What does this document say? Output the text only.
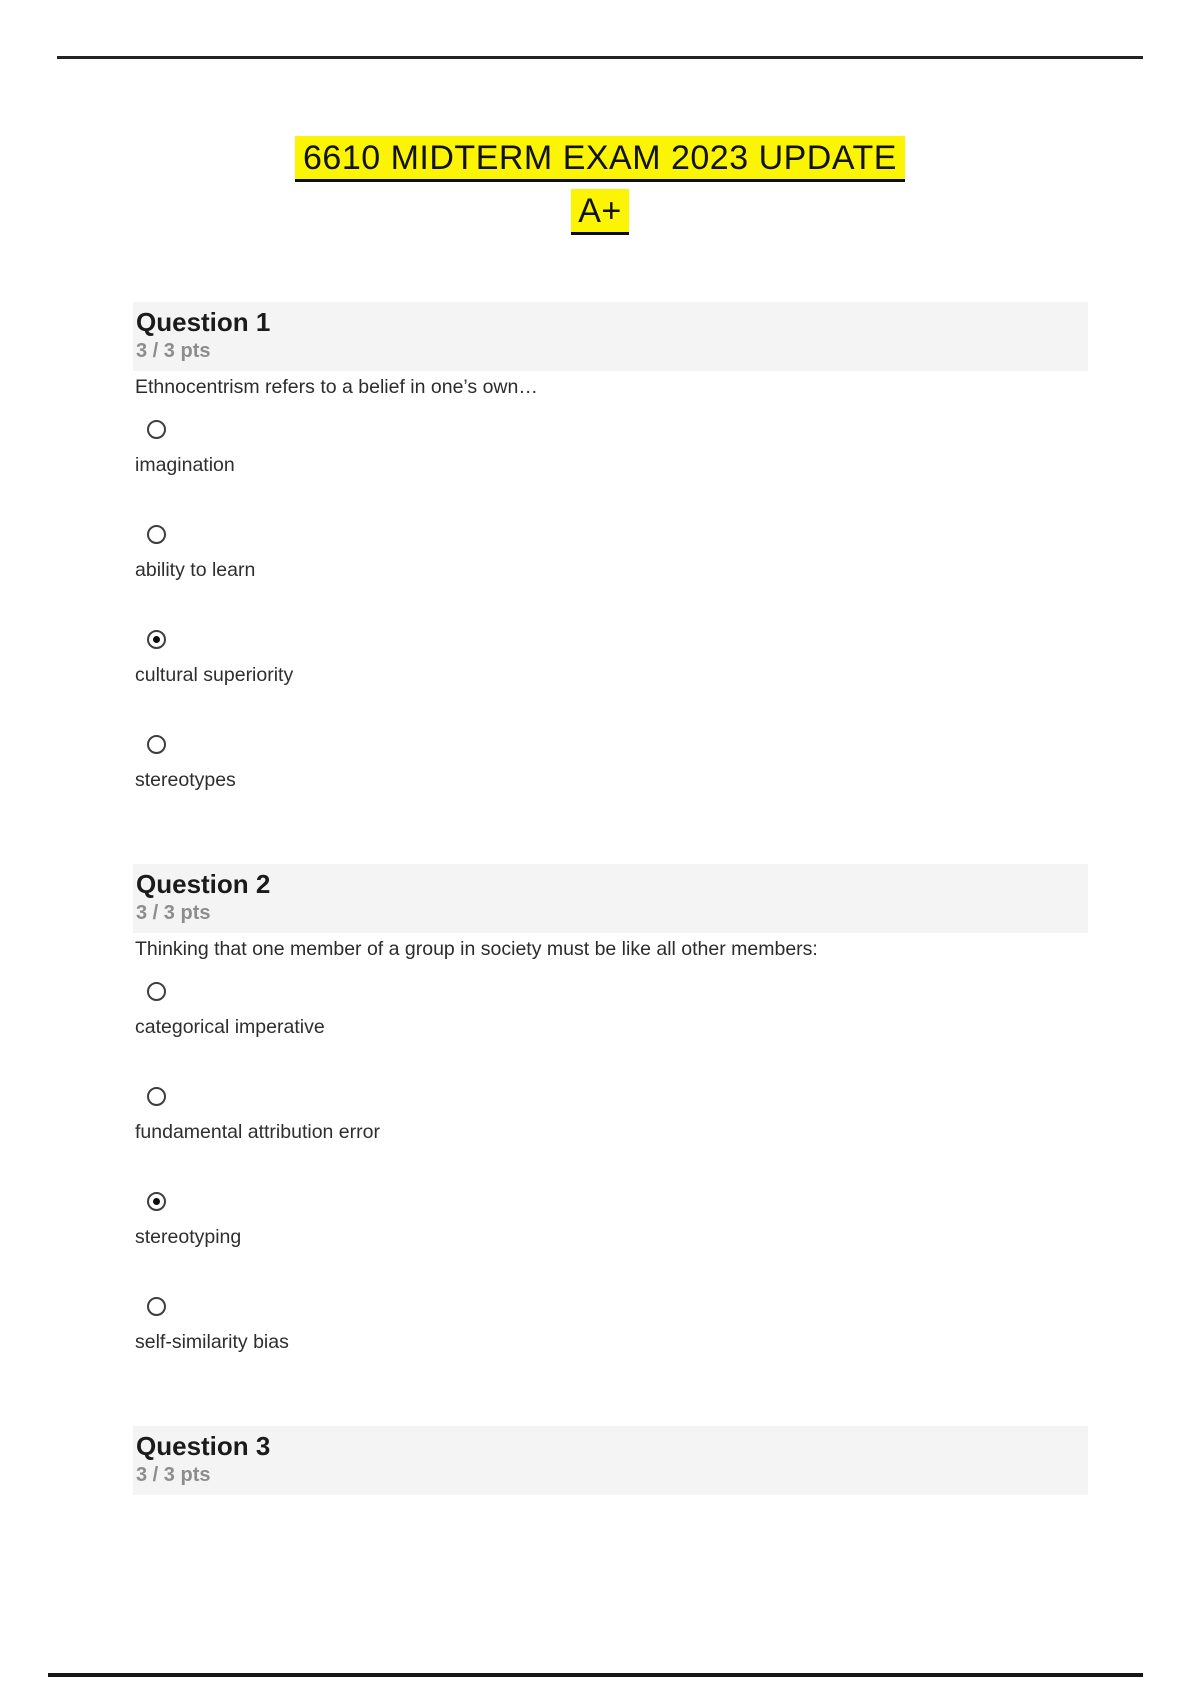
6610 MIDTERM EXAM 2023 UPDATE
A+
Question 1
3 / 3 pts
Ethnocentrism refers to a belief in one’s own…
imagination
ability to learn
cultural superiority
stereotypes
Question 2
3 / 3 pts
Thinking that one member of a group in society must be like all other members:
categorical imperative
fundamental attribution error
stereotyping
self-similarity bias
Question 3
3 / 3 pts
